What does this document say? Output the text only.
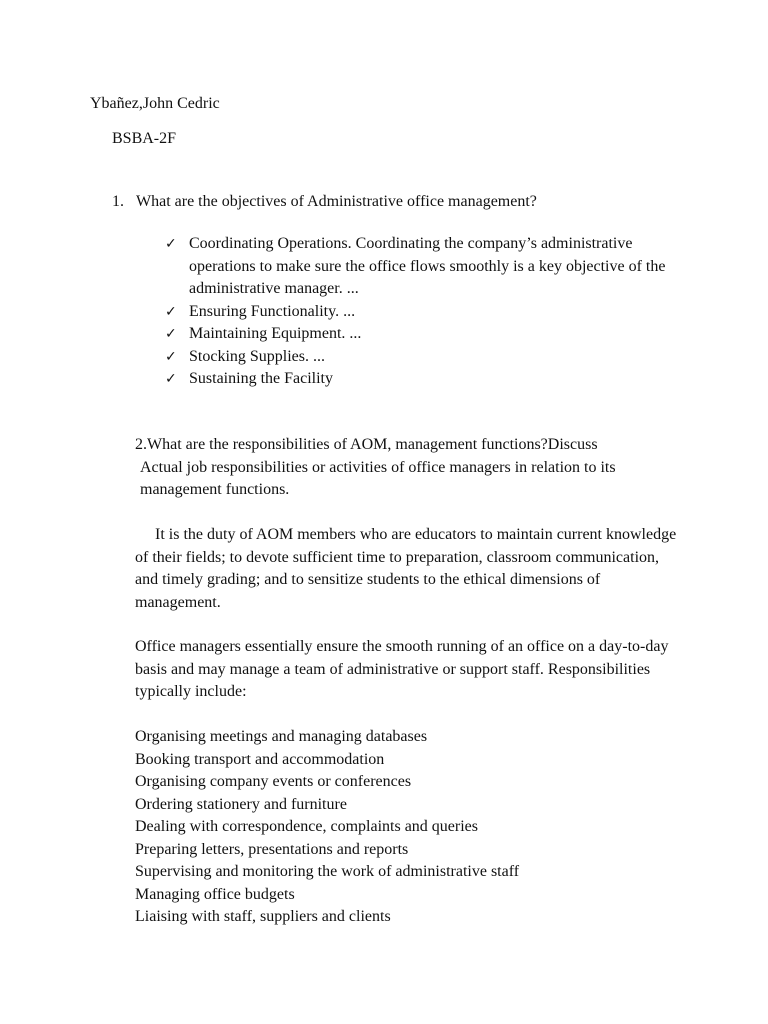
Ybañez,John Cedric
BSBA-2F
1. What are the objectives of Administrative office management?
✓ Coordinating Operations. Coordinating the company’s administrative operations to make sure the office flows smoothly is a key objective of the administrative manager. ...
✓ Ensuring Functionality. ...
✓ Maintaining Equipment. ...
✓ Stocking Supplies. ...
✓ Sustaining the Facility
2.What are the responsibilities of AOM, management functions?Discuss
Actual job responsibilities or activities of office managers in relation to its management functions.

It is the duty of AOM members who are educators to maintain current knowledge of their fields; to devote sufficient time to preparation, classroom communication, and timely grading; and to sensitize students to the ethical dimensions of management.

Office managers essentially ensure the smooth running of an office on a day-to-day basis and may manage a team of administrative or support staff. Responsibilities typically include:

Organising meetings and managing databases
Booking transport and accommodation
Organising company events or conferences
Ordering stationery and furniture
Dealing with correspondence, complaints and queries
Preparing letters, presentations and reports
Supervising and monitoring the work of administrative staff
Managing office budgets
Liaising with staff, suppliers and clients
